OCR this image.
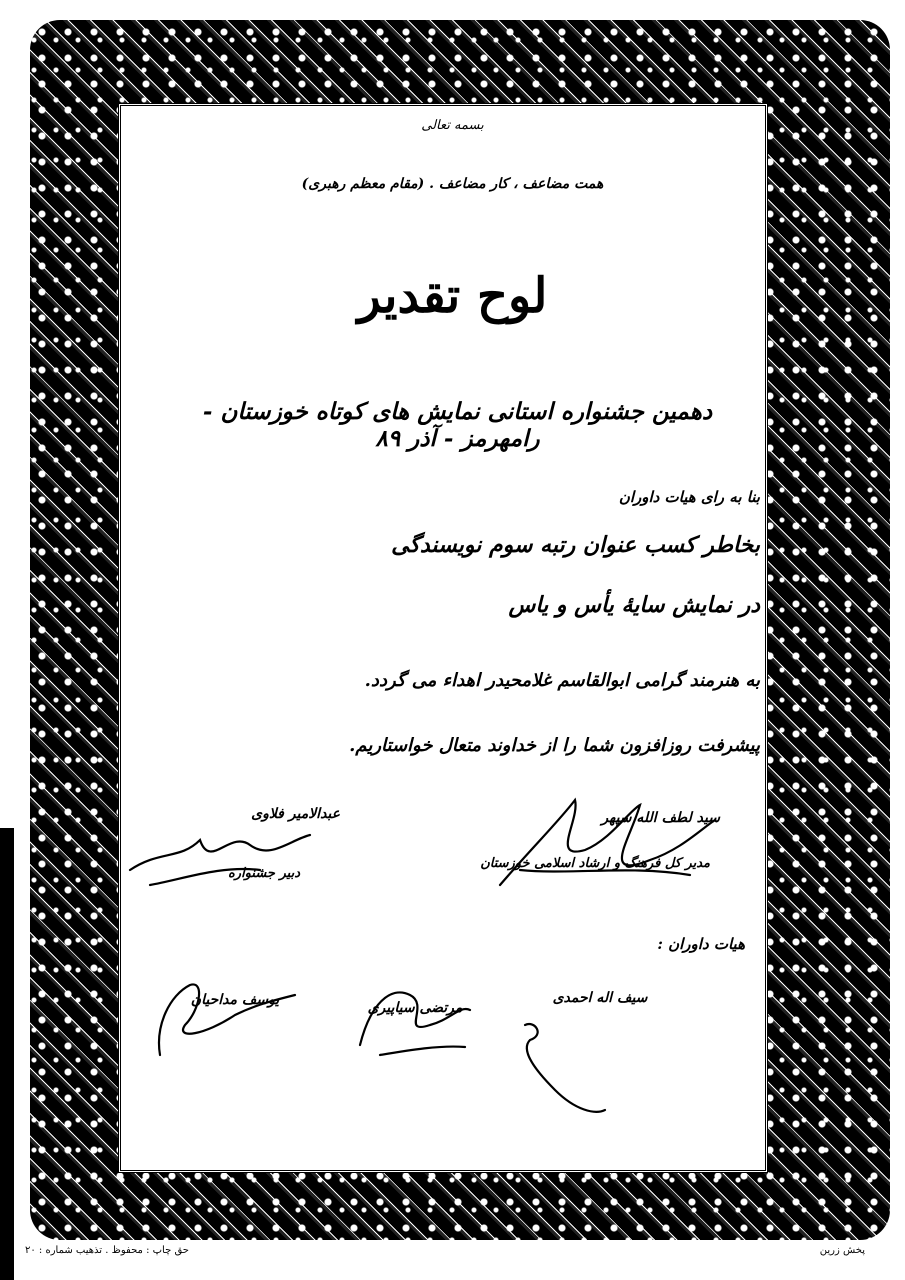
بسمه تعالی
همت مضاعف ، کار مضاعف . (مقام معظم رهبری)
لوح تقدیر
دهمین جشنواره استانی نمایش های کوتاه خوزستان - رامهرمز - آذر ۸۹
بنا به رای هیات داوران
بخاطر کسب عنوان رتبه سوم نویسندگی
در نمایش سایهٔ یأس و یاس
به هنرمند گرامی ابوالقاسم غلامحیدر اهداء می گردد.
پیشرفت روزافزون شما را از خداوند متعال خواستاریم.
سید لطف الله سپهر
مدیر کل فرهنگ و ارشاد اسلامی خوزستان
عبدالامیر فلاوی
دبیر جشنواره
هیات داوران :
سیف اله احمدی
مرتضی سیاپیری
یوسف مداحیان
پخش زرین
حق چاپ : محفوظ . تذهیب شماره : ۲۰
